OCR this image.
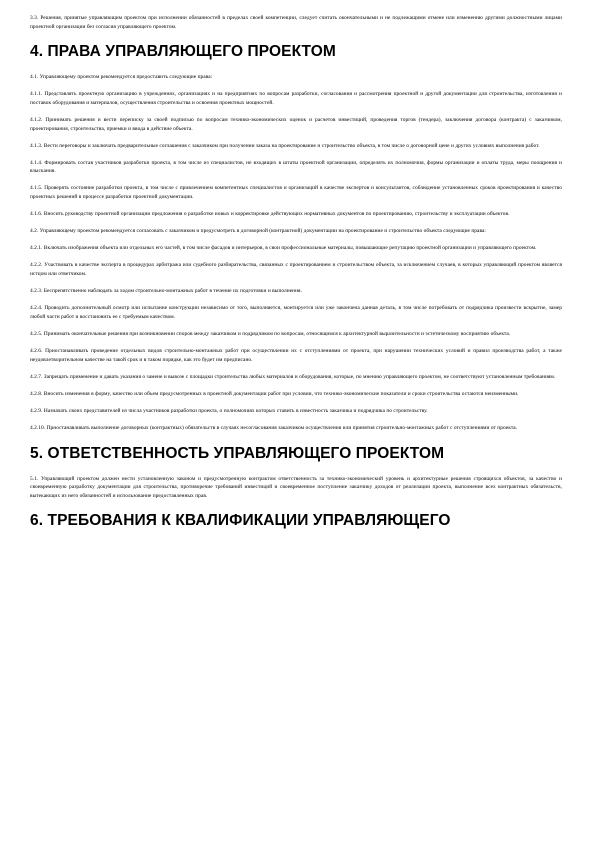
3.3. Решения, принятые управляющим проектом при исполнении обязанностей в пределах своей компетенции, следует считать окончательными и не подлежащими отмене или изменению другими должностными лицами проектной организации без согласия управляющего проектом.

4. ПРАВА УПРАВЛЯЮЩЕГО ПРОЕКТОМ

4.1. Управляющему проектом рекомендуется предоставить следующие права:

4.1.1. Представлять проектную организацию в учреждениях, организациях и на предприятиях по вопросам разработки, согласования и рассмотрения проектной и другой документации для строительства, изготовления и поставок оборудования и материалов, осуществления строительства и освоения проектных мощностей.

4.1.2. Принимать решения и вести переписку за своей подписью по вопросам технико-экономических оценок и расчетов инвестиций, проведения торгов (тендера), заключения договора (контракта) с заказчиком, проектирования, строительства, приемки и ввода в действие объекта.

4.1.3. Вести переговоры и заключать предварительные соглашения с заказчиком при получении заказа на проектирование и строительство объекта, в том числе о договорной цене и других условиях выполнения работ.

4.1.4. Формировать состав участников разработки проекта, в том числе из специалистов, не входящих в штаты проектной организации, определять их полномочия, формы организации и оплаты труда, меры поощрения и взыскания.

4.1.5. Проверять состояние разработки проекта, в том числе с привлечением компетентных специалистов и организаций в качестве экспертов и консультантов, соблюдение установленных сроков проектирования и качество проектных решений в процессе разработки проектной документации.

4.1.6. Вносить руководству проектной организации предложения о разработке новых и корректировке действующих нормативных документов по проектированию, строительству и эксплуатации объектов.

4.2. Управляющему проектом рекомендуется согласовать с заказчиком и предусмотреть в договорной (контрактной) документации на проектирование и строительство объекта следующие права:

4.2.1. Включать изображения объекта или отдельных его частей, в том числе фасадов и интерьеров, в свои профессиональные материалы, повышающие репутацию проектной организации и управляющего проектом.

4.2.2. Участвовать в качестве эксперта в процедурах арбитража или судебного разбирательства, связанных с проектированием и строительством объекта, за исключением случаев, в которых управляющий проектом является истцом или ответчиком.

4.2.3. Беспрепятственно наблюдать за ходом строительно-монтажных работ в течение их подготовки и выполнения.

4.2.4. Проводить дополнительный осмотр или испытание конструкции независимо от того, выполняется, монтируется или уже закончена данная деталь, в том числе потребовать от подрядчика произвести вскрытие, замер любой части работ и восстановить ее с требуемым качеством.

4.2.5. Принимать окончательные решения при возникновении споров между заказчиком и подрядчиком по вопросам, относящимся к архитектурной выразительности и эстетическому восприятию объекта.

4.2.6. Приостанавливать проведение отдельных видов строительно-монтажных работ при осуществлении их с отступлениями от проекта, при нарушении технических условий и правил производства работ, а также неудовлетворительном качестве на такой срок и в таком порядке, как это будет им предписано.

4.2.7. Запрещать применение и давать указания о замене и вывозе с площадки строительства любых материалов и оборудования, которые, по мнению управляющего проектом, не соответствуют установленным требованиям.

4.2.8. Вносить изменения в форму, качество или объем предусмотренных в проектной документации работ при условии, что технико-экономические показатели и сроки строительства остаются неизменными.

4.2.9. Назначать своих представителей из числа участников разработки проекта, о полномочиях которых ставить в известность заказчика и подрядчика по строительству.

4.2.10. Приостанавливать выполнение договорных (контрактных) обязательств в случаях несогласования заказчиком осуществления или принятия строительно-монтажных работ с отступлениями от проекта.

5. ОТВЕТСТВЕННОСТЬ УПРАВЛЯЮЩЕГО ПРОЕКТОМ

5.1. Управляющий проектом должен нести установленную законом и предусмотренную контрактом ответственность за технико-экономический уровень и архитектурные решения строящихся объектов, за качество и своевременную разработку документации для строительства, противоречие требований инвестиций и своевременное поступление заказчику доходов от реализации проекта, выполнение всех контрактных обязательств, вытекающих из него обязанностей и использование предоставленных прав.

6. ТРЕБОВАНИЯ К КВАЛИФИКАЦИИ УПРАВЛЯЮЩЕГО
